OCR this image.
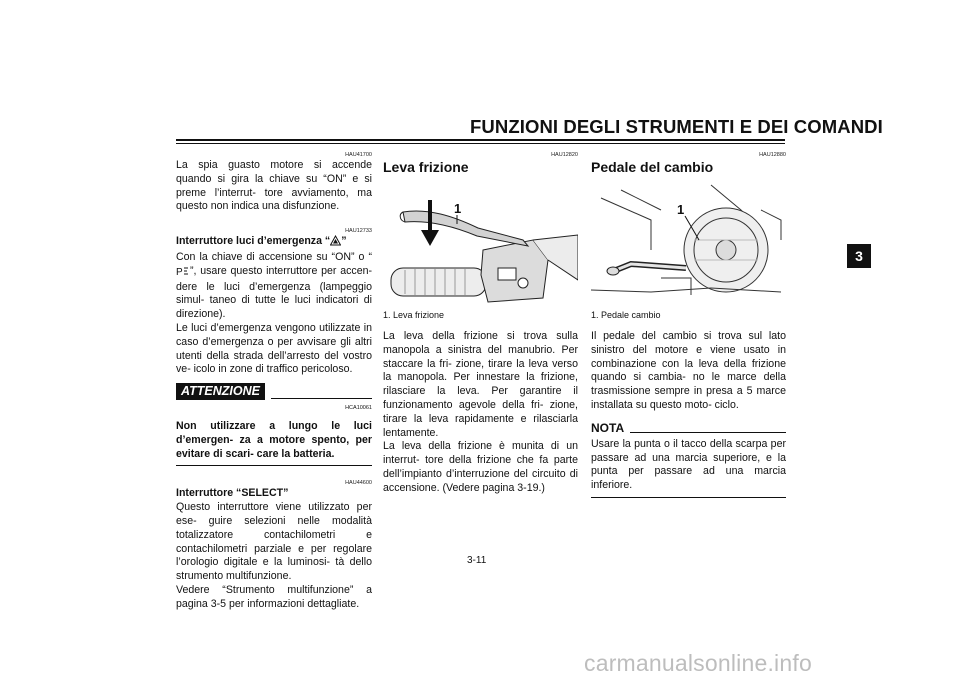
FUNZIONI DEGLI STRUMENTI E DEI COMANDI
3
HAU41700

La spia guasto motore si accende quando si gira la chiave su “ON” e si preme l’interrut- tore avviamento, ma questo non indica una disfunzione.

HAU12733
Interruttore luci d’emergenza “ ”

Con la chiave di accensione su “ON” o “
P ”, usare questo interruttore per accen- dere le luci d’emergenza (lampeggio simul- taneo di tutte le luci indicatori di direzione).

Le luci d’emergenza vengono utilizzate in caso d’emergenza o per avvisare gli altri utenti della strada dell’arresto del vostro ve- icolo in zone di traffico pericoloso.

ATTENZIONE
HCA10061

Non utilizzare a lungo le luci d’emergen- za a motore spento, per evitare di scari- care la batteria.

HAU44600
Interruttore “SELECT”

Questo interruttore viene utilizzato per ese- guire selezioni nelle modalità totalizzatore contachilometri e contachilometri parziale e per regolare l’orologio digitale e la luminosi- tà dello strumento multifunzione.

Vedere “Strumento multifunzione” a pagina 3-5 per informazioni dettagliate.

HAU12820
Leva frizione
1
1. Leva frizione

La leva della frizione si trova sulla manopola a sinistra del manubrio. Per staccare la fri- zione, tirare la leva verso la manopola. Per innestare la frizione, rilasciare la leva. Per garantire il funzionamento agevole della fri- zione, tirare la leva rapidamente e rilasciarla lentamente.

La leva della frizione è munita di un interrut- tore della frizione che fa parte dell’impianto d’interruzione del circuito di accensione. (Vedere pagina 3-19.)

HAU12880
Pedale del cambio
1
1. Pedale cambio

Il pedale del cambio si trova sul lato sinistro del motore e viene usato in combinazione con la leva della frizione quando si cambia- no le marce della trasmissione sempre in presa a 5 marce installata su questo moto- ciclo.

NOTA

Usare la punta o il tacco della scarpa per passare ad una marcia superiore, e la punta per passare ad una marcia inferiore.

3-11
carmanualsonline.info
